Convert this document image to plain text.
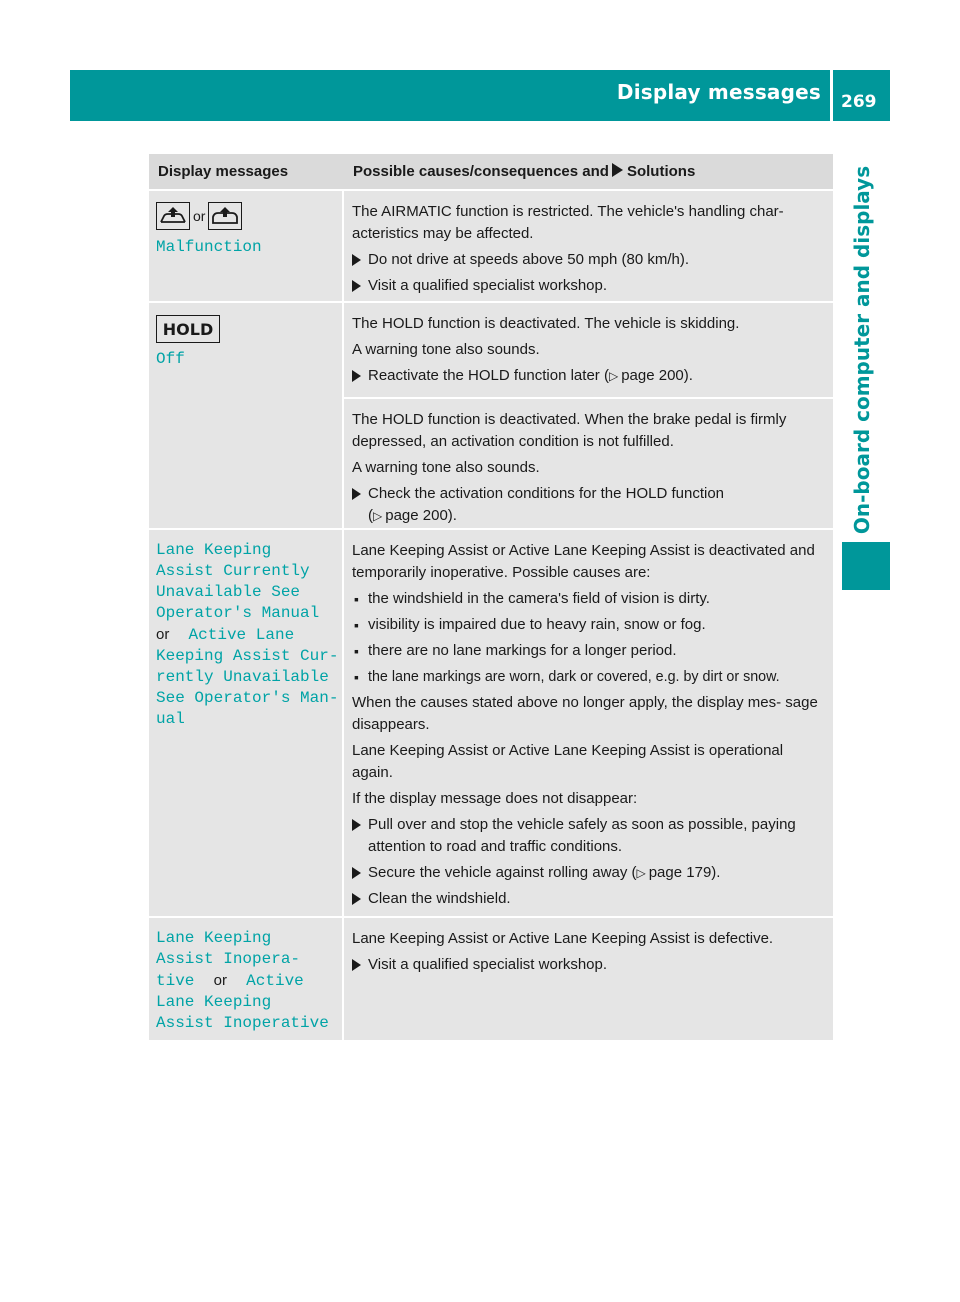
Display messages 269
On-board computer and displays
Display messages	Possible causes/consequences and Solutions
or
Malfunction

The AIRMATIC function is restricted. The vehicle's handling char- acteristics may be affected.

Do not drive at speeds above 50 mph (80 km/h).
Visit a qualified specialist workshop.
HOLD
Off

The HOLD function is deactivated. The vehicle is skidding.

A warning tone also sounds.

Reactivate the HOLD function later (▷ page 200).

The HOLD function is deactivated. When the brake pedal is firmly depressed, an activation condition is not fulfilled.

A warning tone also sounds.

Check the activation conditions for the HOLD function
(▷ page 200).
Lane Keeping
Assist Currently
Unavailable See
Operator's Manual
or Active Lane
Keeping Assist Cur‐
rently Unavailable
See Operator's Man‐
ual

Lane Keeping Assist or Active Lane Keeping Assist is deactivated and temporarily inoperative. Possible causes are:

▪ the windshield in the camera's field of vision is dirty.
▪ visibility is impaired due to heavy rain, snow or fog.
▪ there are no lane markings for a longer period.
▪ the lane markings are worn, dark or covered, e.g. by dirt or snow.

When the causes stated above no longer apply, the display mes- sage disappears.

Lane Keeping Assist or Active Lane Keeping Assist is operational again.

If the display message does not disappear:

Pull over and stop the vehicle safely as soon as possible, paying attention to road and traffic conditions.
Secure the vehicle against rolling away (▷ page 179).
Clean the windshield.
Lane Keeping
Assist Inopera‐
tive or Active
Lane Keeping
Assist Inoperative

Lane Keeping Assist or Active Lane Keeping Assist is defective.

Visit a qualified specialist workshop.
